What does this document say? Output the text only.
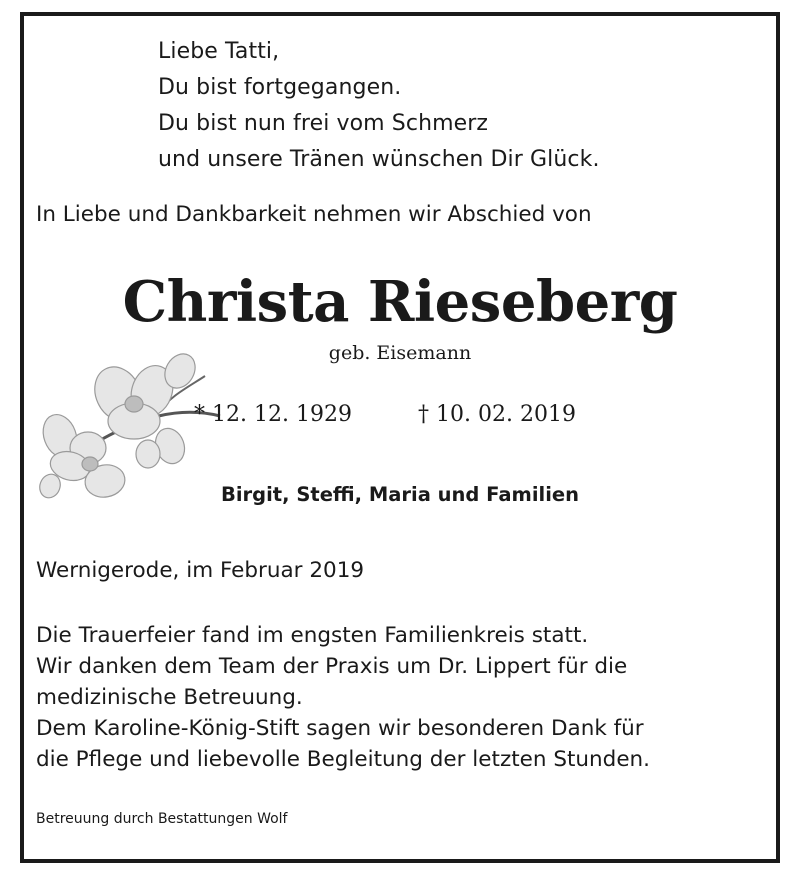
Liebe Tatti,
Du bist fortgegangen.
Du bist nun frei vom Schmerz
und unsere Tränen wünschen Dir Glück.
In Liebe und Dankbarkeit nehmen wir Abschied von
Christa Rieseberg
geb. Eisemann
* 12. 12. 1929	† 10. 02. 2019
Birgit, Steffi, Maria und Familien
Wernigerode, im Februar 2019
Die Trauerfeier fand im engsten Familienkreis statt.
Wir danken dem Team der Praxis um Dr. Lippert für die
medizinische Betreuung.
Dem Karoline-König-Stift sagen wir besonderen Dank für
die Pflege und liebevolle Begleitung der letzten Stunden.
Betreuung durch Bestattungen Wolf
